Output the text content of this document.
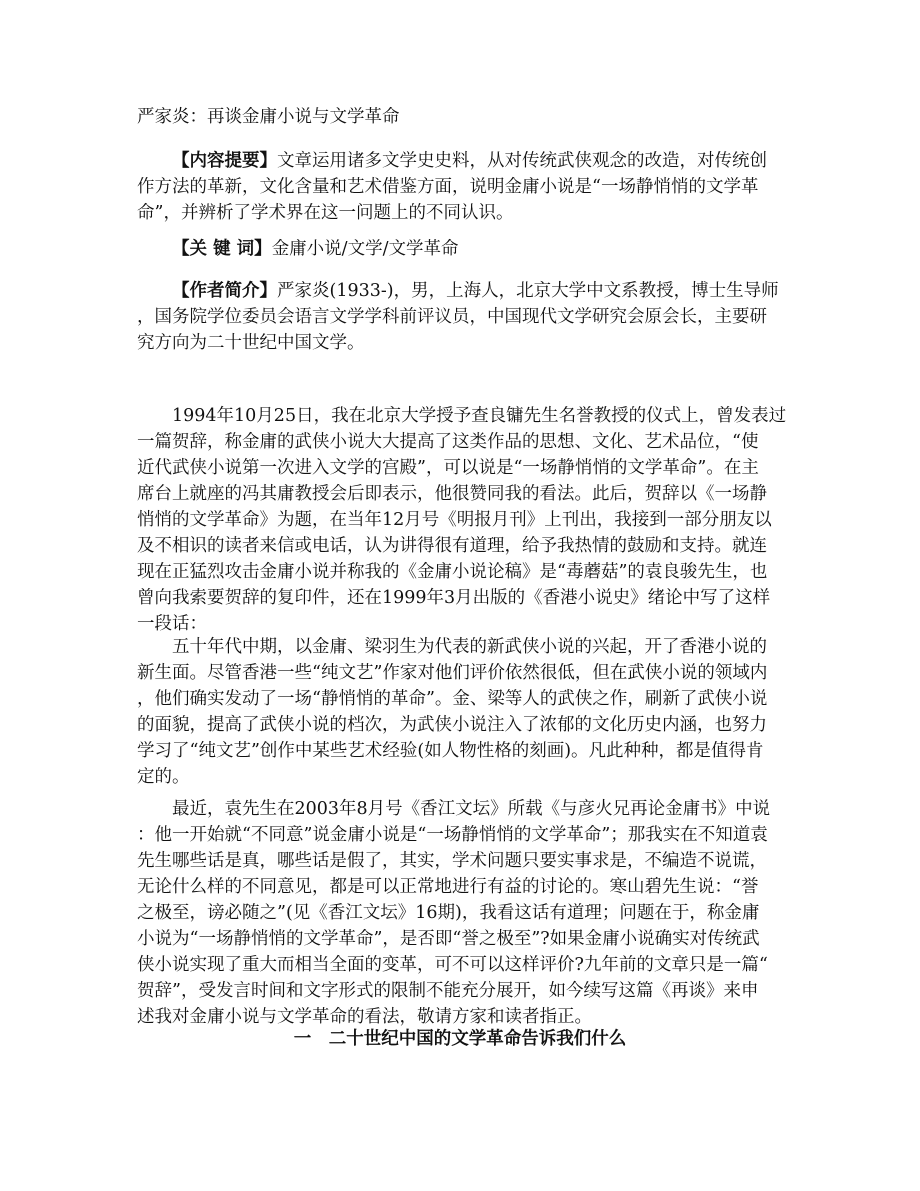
严家炎：再谈金庸小说与文学革命
【内容提要】文章运用诸多文学史史料，从对传统武侠观念的改造，对传统创
作方法的革新，文化含量和艺术借鉴方面，说明金庸小说是“一场静悄悄的文学革
命”，并辨析了学术界在这一问题上的不同认识。
【关 键 词】金庸小说/文学/文学革命
【作者简介】严家炎(1933-)，男，上海人，北京大学中文系教授，博士生导师
，国务院学位委员会语言文学学科前评议员，中国现代文学研究会原会长，主要研
究方向为二十世纪中国文学。
1994年10月25日，我在北京大学授予查良镛先生名誉教授的仪式上，曾发表过
一篇贺辞，称金庸的武侠小说大大提高了这类作品的思想、文化、艺术品位，“使
近代武侠小说第一次进入文学的宫殿”，可以说是“一场静悄悄的文学革命”。在主
席台上就座的冯其庸教授会后即表示，他很赞同我的看法。此后，贺辞以《一场静
悄悄的文学革命》为题，在当年12月号《明报月刊》上刊出，我接到一部分朋友以
及不相识的读者来信或电话，认为讲得很有道理，给予我热情的鼓励和支持。就连
现在正猛烈攻击金庸小说并称我的《金庸小说论稿》是“毒蘑菇”的袁良骏先生，也
曾向我索要贺辞的复印件，还在1999年3月出版的《香港小说史》绪论中写了这样
一段话：
五十年代中期，以金庸、梁羽生为代表的新武侠小说的兴起，开了香港小说的
新生面。尽管香港一些“纯文艺”作家对他们评价依然很低，但在武侠小说的领域内
，他们确实发动了一场“静悄悄的革命”。金、梁等人的武侠之作，刷新了武侠小说
的面貌，提高了武侠小说的档次，为武侠小说注入了浓郁的文化历史内涵，也努力
学习了“纯文艺”创作中某些艺术经验(如人物性格的刻画)。凡此种种，都是值得肯
定的。
最近，袁先生在2003年8月号《香江文坛》所载《与彦火兄再论金庸书》中说
：他一开始就“不同意”说金庸小说是“一场静悄悄的文学革命”；那我实在不知道袁
先生哪些话是真，哪些话是假了，其实，学术问题只要实事求是，不编造不说谎，
无论什么样的不同意见，都是可以正常地进行有益的讨论的。寒山碧先生说：“誉
之极至，谤必随之”(见《香江文坛》16期)，我看这话有道理；问题在于，称金庸
小说为“一场静悄悄的文学革命”，是否即“誉之极至”?如果金庸小说确实对传统武
侠小说实现了重大而相当全面的变革，可不可以这样评价?九年前的文章只是一篇“
贺辞”，受发言时间和文字形式的限制不能充分展开，如今续写这篇《再谈》来申
述我对金庸小说与文学革命的看法，敬请方家和读者指正。
一　二十世纪中国的文学革命告诉我们什么
